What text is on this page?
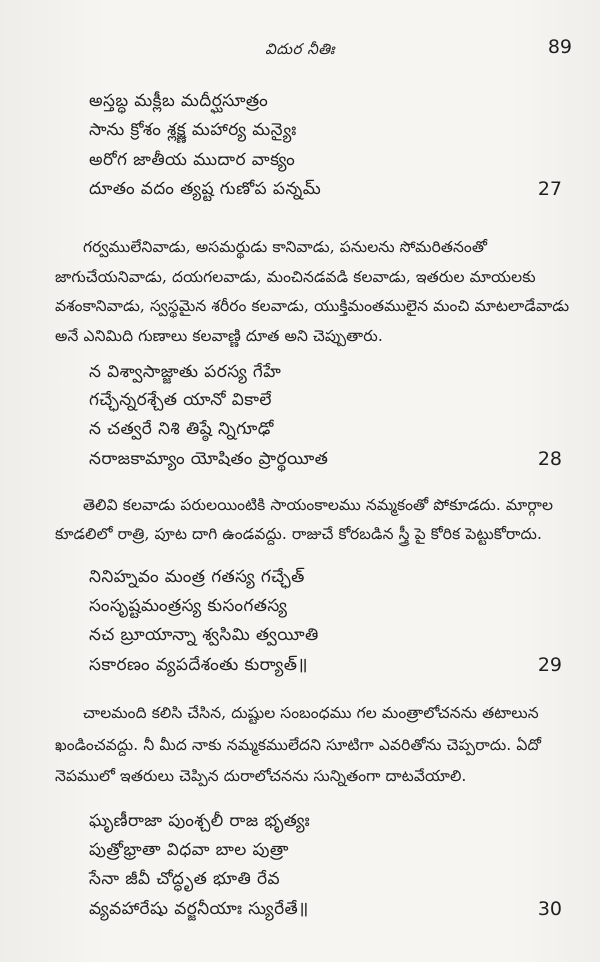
విదుర నీతిః	89
అస్తబ్ధ మక్లీబ మదీర్ఘసూత్రం
సాను క్రోశం శ్లక్ష్ణ మహార్య మన్యైః
అరోగ జాతీయ ముదార వాక్యం
దూతం వదం త్యష్ట గుణోప పన్నమ్	27
గర్వములేనివాడు, అసమర్థుడు కానివాడు, పనులను సోమరితనంతో
జాగుచేయనివాడు, దయగలవాడు, మంచినడవడి కలవాడు, ఇతరుల మాయలకు
వశంకానివాడు, స్వస్థమైన శరీరం కలవాడు, యుక్తిమంతములైన మంచి మాటలాడేవాడు
అనే ఎనిమిది గుణాలు కలవాణ్ణి దూత అని చెప్పుతారు.
న విశ్వాసాజ్జాతు పరస్య గేహే
గచ్ఛేన్నరశ్చేత యానో వికాలే
న చత్వరే నిశి తిష్ఠే న్నిగూఢో
నరాజకామ్యాం యోషితం ప్రార్థయీత	28
తెలివి కలవాడు పరులయింటికి సాయంకాలము నమ్మకంతో పోకూడదు. మార్గాల
కూడలిలో రాత్రి, పూట దాగి ఉండవద్దు. రాజుచే కోరబడిన స్త్రీ పై కోరిక పెట్టుకోరాదు.
నినిహ్నవం మంత్ర గతస్య గచ్ఛేత్
సంసృష్టమంత్రస్య కుసంగతస్య
నచ బ్రూయాన్నా శ్వసిమి త్వయీతి
సకారణం వ్యపదేశంతు కుర్యాత్॥	29
చాలమంది కలిసి చేసిన, దుష్టుల సంబంధము గల మంత్రాలోచనను తటాలున
ఖండించవద్దు. నీ మీద నాకు నమ్మకములేదని సూటిగా ఎవరితోను చెప్పరాదు. ఏదో
నెపములో ఇతరులు చెప్పిన దురాలోచనను సున్నితంగా దాటవేయాలి.
ఘృణీరాజా పుంశ్చలీ రాజ భృత్యః
పుత్రోభ్రాతా విధవా బాల పుత్రా
సేనా జీవీ చోద్ధృత భూతి రేవ
వ్యవహారేషు వర్జనీయాః స్యురేతే॥	30
